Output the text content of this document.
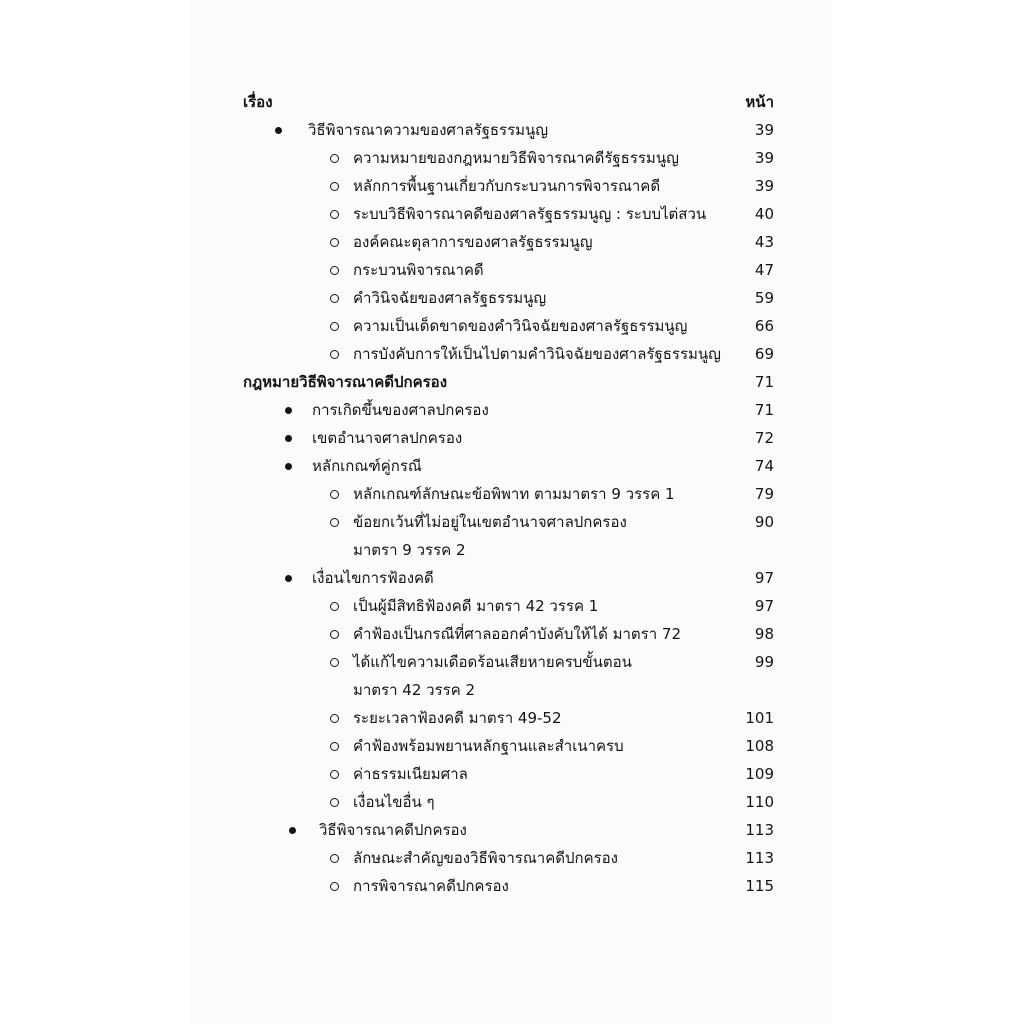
เรื่อง	หน้า
วิธีพิจารณาความของศาลรัฐธรรมนูญ	39
ความหมายของกฎหมายวิธีพิจารณาคดีรัฐธรรมนูญ	39
หลักการพื้นฐานเกี่ยวกับกระบวนการพิจารณาคดี	39
ระบบวิธีพิจารณาคดีของศาลรัฐธรรมนูญ : ระบบไต่สวน	40
องค์คณะตุลาการของศาลรัฐธรรมนูญ	43
กระบวนพิจารณาคดี	47
คำวินิจฉัยของศาลรัฐธรรมนูญ	59
ความเป็นเด็ดขาดของคำวินิจฉัยของศาลรัฐธรรมนูญ	66
การบังคับการให้เป็นไปตามคำวินิจฉัยของศาลรัฐธรรมนูญ 69
กฎหมายวิธีพิจารณาคดีปกครอง	71
การเกิดขึ้นของศาลปกครอง	71
เขตอำนาจศาลปกครอง	72
หลักเกณฑ์คู่กรณี	74
หลักเกณฑ์ลักษณะข้อพิพาท ตามมาตรา 9 วรรค 1	79
ข้อยกเว้นที่ไม่อยู่ในเขตอำนาจศาลปกครอง	90
มาตรา 9 วรรค 2
เงื่อนไขการฟ้องคดี	97
เป็นผู้มีสิทธิฟ้องคดี มาตรา 42 วรรค 1	97
คำฟ้องเป็นกรณีที่ศาลออกคำบังคับให้ได้ มาตรา 72	98
ได้แก้ไขความเดือดร้อนเสียหายครบขั้นตอน	99
มาตรา 42 วรรค 2
ระยะเวลาฟ้องคดี มาตรา 49-52	101
คำฟ้องพร้อมพยานหลักฐานและสำเนาครบ	108
ค่าธรรมเนียมศาล	109
เงื่อนไขอื่น ๆ	110
วิธีพิจารณาคดีปกครอง	113
ลักษณะสำคัญของวิธีพิจารณาคดีปกครอง	113
การพิจารณาคดีปกครอง	115
